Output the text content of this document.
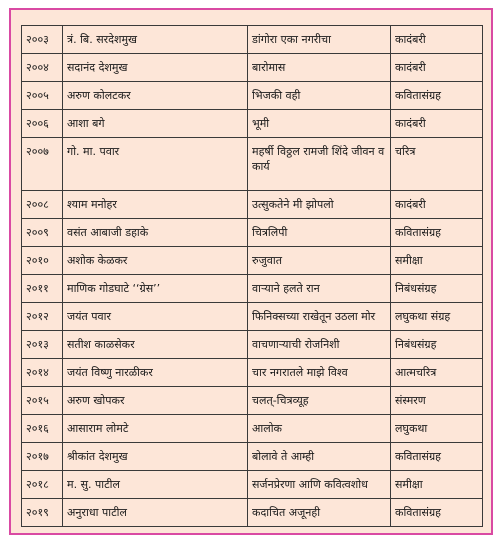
२००३	त्रं. बि. सरदेशमुख	डांगोरा एका नगरीचा	कादंबरी
२००४	सदानंद देशमुख	बारोमास	कादंबरी
२००५	अरुण कोलटकर	भिजकी वही	कवितासंग्रह
२००६	आशा बगे	भूमी	कादंबरी
२००७	गो. मा. पवार	महर्षी विठ्ठल रामजी शिंदे जीवन व कार्य	चरित्र
२००८	श्याम मनोहर	उत्सुकतेने मी झोपलो	कादंबरी
२००९	वसंत आबाजी डहाके	चित्रलिपी	कवितासंग्रह
२०१०	अशोक केळकर	रुजुवात	समीक्षा
२०११	माणिक गोडघाटे ‘‘ग्रेस’’	वाऱ्याने हलते रान	निबंधसंग्रह
२०१२	जयंत पवार	फिनिक्सच्या राखेतून उठला मोर	लघुकथा संग्रह
२०१३	सतीश काळसेकर	वाचणाऱ्याची रोजनिशी	निबंधसंग्रह
२०१४	जयंत विष्णु नारळीकर	चार नगरातले माझे विश्व	आत्मचरित्र
२०१५	अरुण खोपकर	चलत्‌-चित्रव्यूह	संस्मरण
२०१६	आसाराम लोमटे	आलोक	लघुकथा
२०१७	श्रीकांत देशमुख	बोलावे ते आम्ही	कवितासंग्रह
२०१८	म. सु. पाटील	सर्जनप्रेरणा आणि कवित्वशोध	समीक्षा
२०१९	अनुराधा पाटील	कदाचित अजूनही	कवितासंग्रह
